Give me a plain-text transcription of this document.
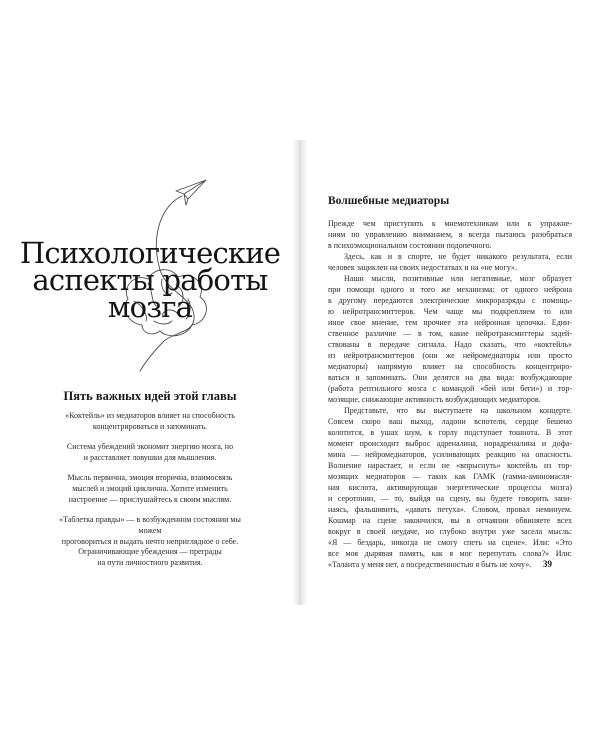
Психологические
аспекты работы
мозга
Пять важных идей этой главы

«Коктейль» из медиаторов влияет на способность
концентрироваться и запоминать.

Система убеждений экономит энергию мозга, но
и расставляет ловушки для мышления.

Мысль первична, эмоция вторична, взаимосвязь
мыслей и эмоций циклична. Хотите изменить
настроение — прислушайтесь к своим мыслям.

«Таблетка правды» — в возбужденном состоянии мы можем
проговориться и выдать нечто неприглядное о себе.

Ограничивающие убеждения — преграды
на пути личностного развития.

Волшебные медиаторы
Прежде чем приступить к мнемотехникам или к упражне-
ниям по управлению вниманием, я всегда пытаюсь разобраться
в психоэмоциональном состоянии подопечного.
Здесь, как и в спорте, не будет никакого результата, если
человек зациклен на своих недостатках и на «не могу».
Наши мысли, позитивные или негативные, мозг образует
при помощи одного и того же механизма: от одного нейрона
к другому передаются электрические микроразряды с помощь-
ю нейротрансмиттеров. Чем чаще мы подкрепляем то или
иное свое мнение, тем прочнее эта нейронная цепочка. Един-
ственное различие — в том, какие нейротрансмиттеры задей-
ствованы в передаче сигнала. Надо сказать, что «коктейль»
из нейротрансмиттеров (они же нейромедиаторы или просто
медиаторы) напрямую влияет на способность концентриро-
ваться и запоминать. Они делятся на два вида: возбуждающие
(работа рептильного мозга с командой «бей или беги») и тор-
мозящие, снижающие активность возбуждающих медиаторов.
Представьте, что вы выступаете на школьном концерте.
Совсем скоро ваш выход, ладони вспотели, сердце бешено
колотится, в ушах шум, к горлу подступает тошнота. В этот
момент происходит выброс адреналина, норадреналина и дофа-
мина — нейромедиаторов, усиливающих реакцию на опасность.
Волнение нарастает, и если не «впрыснуть» коктейль из тор-
мозящих медиаторов — таких как ГАМК (гамма-аминомасля-
ная кислота, активирующая энергетические процессы мозга)
и серотонин, — то, выйдя на сцену, вы будете говорить запи-
наясь, фальшивить, «давать петуха». Словом, провал неминуем.
Кошмар на сцене закончился, вы в отчаянии обвиняете всех
вокруг в своей неудаче, но глубоко внутри уже засела мысль:
«Я — бездарь, никогда не смогу спеть на сцене». Или: «Это
все моя дырявая память, как я мог перепутать слова?» Или:
«Таланта у меня нет, а посредственностью я быть не хочу».	39
